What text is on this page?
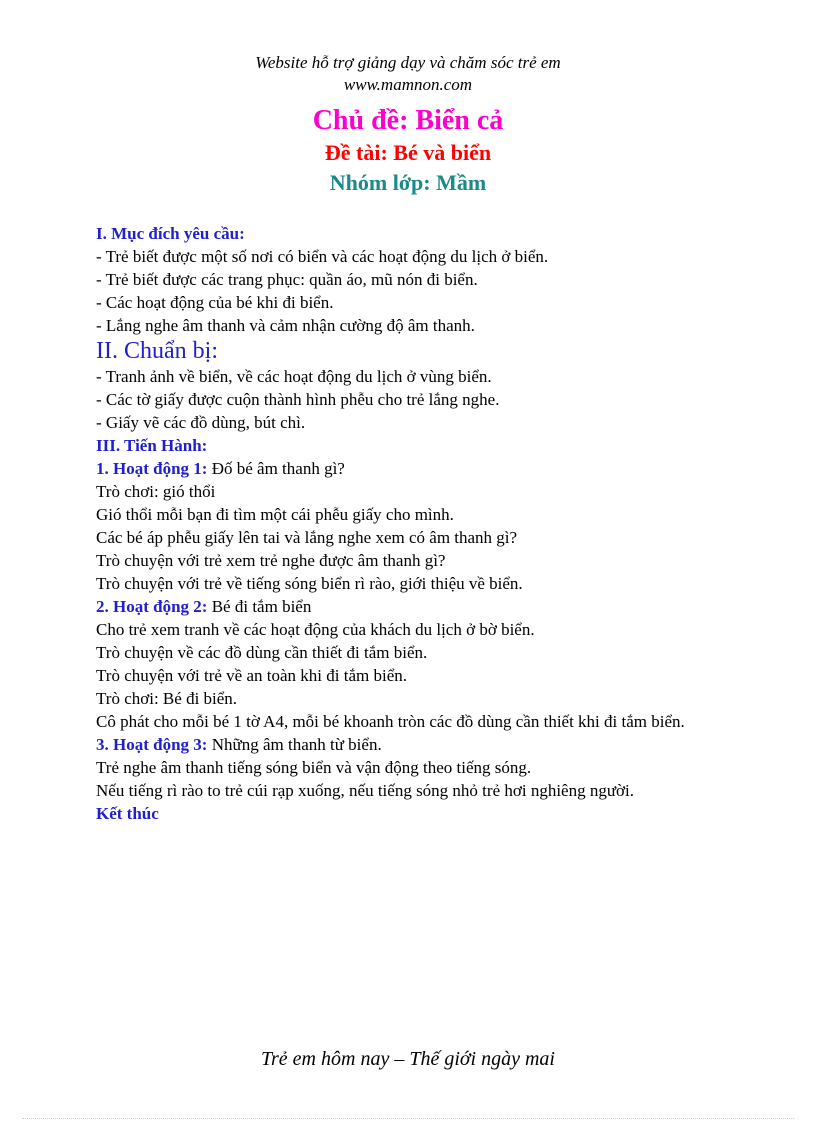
Website hỗ trợ giảng dạy và chăm sóc trẻ em
www.mamnon.com
Chủ đề: Biển cả
Đề tài: Bé và biển
Nhóm lớp: Mầm

I. Mục đích yêu cầu:

- Trẻ biết được một số nơi có biển và các hoạt động du lịch ở biển.

- Trẻ biết được các trang phục: quần áo, mũ nón đi biển.

- Các hoạt động của bé khi đi biển.

- Lắng nghe âm thanh và cảm nhận cường độ âm thanh.

II. Chuẩn bị:

- Tranh ảnh về biển, về các hoạt động du lịch ở vùng biển.

- Các tờ giấy được cuộn thành hình phễu cho trẻ lắng nghe.

- Giấy vẽ các đồ dùng, bút chì.

III. Tiến Hành:

1. Hoạt động 1: Đố bé âm thanh gì?

Trò chơi: gió thổi

Gió thổi mỗi bạn đi tìm một cái phễu giấy cho mình.

Các bé áp phễu giấy lên tai và lắng nghe xem có âm thanh gì?

Trò chuyện với trẻ xem trẻ nghe được âm thanh gì?

Trò chuyện với trẻ về tiếng sóng biển rì rào, giới thiệu về biển.

2. Hoạt động 2: Bé đi tắm biển

Cho trẻ xem tranh về các hoạt động của khách du lịch ở bờ biển.

Trò chuyện về các đồ dùng cần thiết đi tắm biển.

Trò chuyện với trẻ về an toàn khi đi tắm biển.

Trò chơi: Bé đi biển.

Cô phát cho mỗi bé 1 tờ A4, mỗi bé khoanh tròn các đồ dùng cần thiết khi đi tắm biển.

3. Hoạt động 3: Những âm thanh từ biển.

Trẻ nghe âm thanh tiếng sóng biển và vận động theo tiếng sóng.

Nếu tiếng rì rào to trẻ cúi rạp xuống, nếu tiếng sóng nhỏ trẻ hơi nghiêng người.

Kết thúc

Trẻ em hôm nay – Thế giới ngày mai
